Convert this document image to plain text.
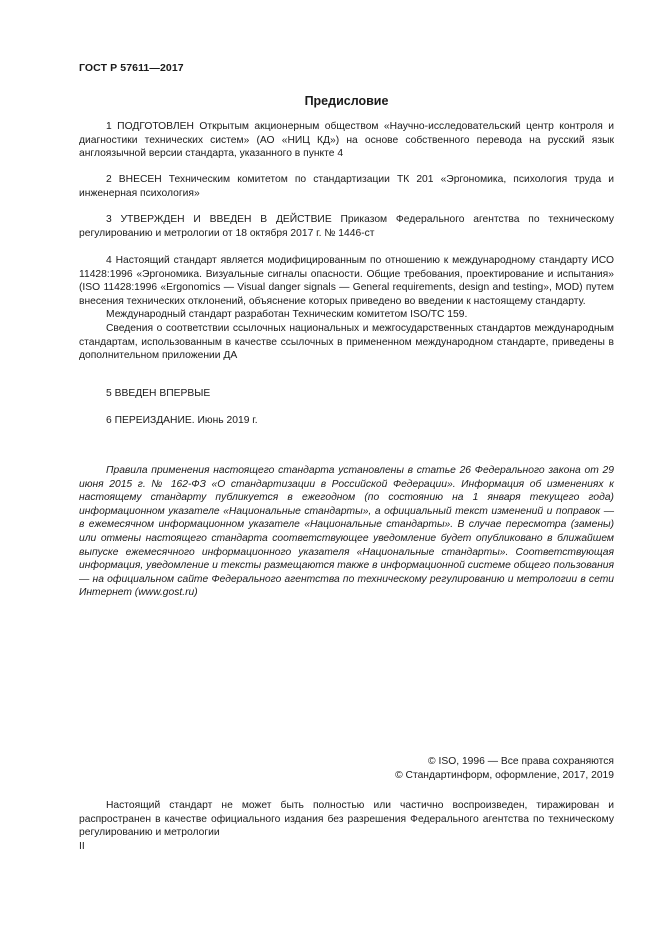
ГОСТ Р 57611—2017
Предисловие

1 ПОДГОТОВЛЕН Открытым акционерным обществом «Научно-исследовательский центр контроля и диагностики технических систем» (АО «НИЦ КД») на основе собственного перевода на русский язык англоязычной версии стандарта, указанного в пункте 4

2 ВНЕСЕН Техническим комитетом по стандартизации ТК 201 «Эргономика, психология труда и инженерная психология»

3 УТВЕРЖДЕН И ВВЕДЕН В ДЕЙСТВИЕ Приказом Федерального агентства по техническому регулированию и метрологии от 18 октября 2017 г. № 1446-ст

4 Настоящий стандарт является модифицированным по отношению к международному стандарту ИСО 11428:1996 «Эргономика. Визуальные сигналы опасности. Общие требования, проектирование и испытания» (ISO 11428:1996 «Ergonomics — Visual danger signals — General requirements, design and testing», MOD) путем внесения технических отклонений, объяснение которых приведено во введении к настоящему стандарту.

Международный стандарт разработан Техническим комитетом ISO/TC 159.

Сведения о соответствии ссылочных национальных и межгосударственных стандартов международным стандартам, использованным в качестве ссылочных в примененном международном стандарте, приведены в дополнительном приложении ДА

5 ВВЕДЕН ВПЕРВЫЕ

6 ПЕРЕИЗДАНИЕ. Июнь 2019 г.

Правила применения настоящего стандарта установлены в статье 26 Федерального закона от 29 июня 2015 г. № 162-ФЗ «О стандартизации в Российской Федерации». Информация об изменениях к настоящему стандарту публикуется в ежегодном (по состоянию на 1 января текущего года) информационном указателе «Национальные стандарты», а официальный текст изменений и поправок — в ежемесячном информационном указателе «Национальные стандарты». В случае пересмотра (замены) или отмены настоящего стандарта соответствующее уведомление будет опубликовано в ближайшем выпуске ежемесячного информационного указателя «Национальные стандарты». Соответствующая информация, уведомление и тексты размещаются также в информационной системе общего пользования — на официальном сайте Федерального агентства по техническому регулированию и метрологии в сети Интернет (www.gost.ru)

© ISO, 1996 — Все права сохраняются
© Стандартинформ, оформление, 2017, 2019

Настоящий стандарт не может быть полностью или частично воспроизведен, тиражирован и распространен в качестве официального издания без разрешения Федерального агентства по техническому регулированию и метрологии

II
